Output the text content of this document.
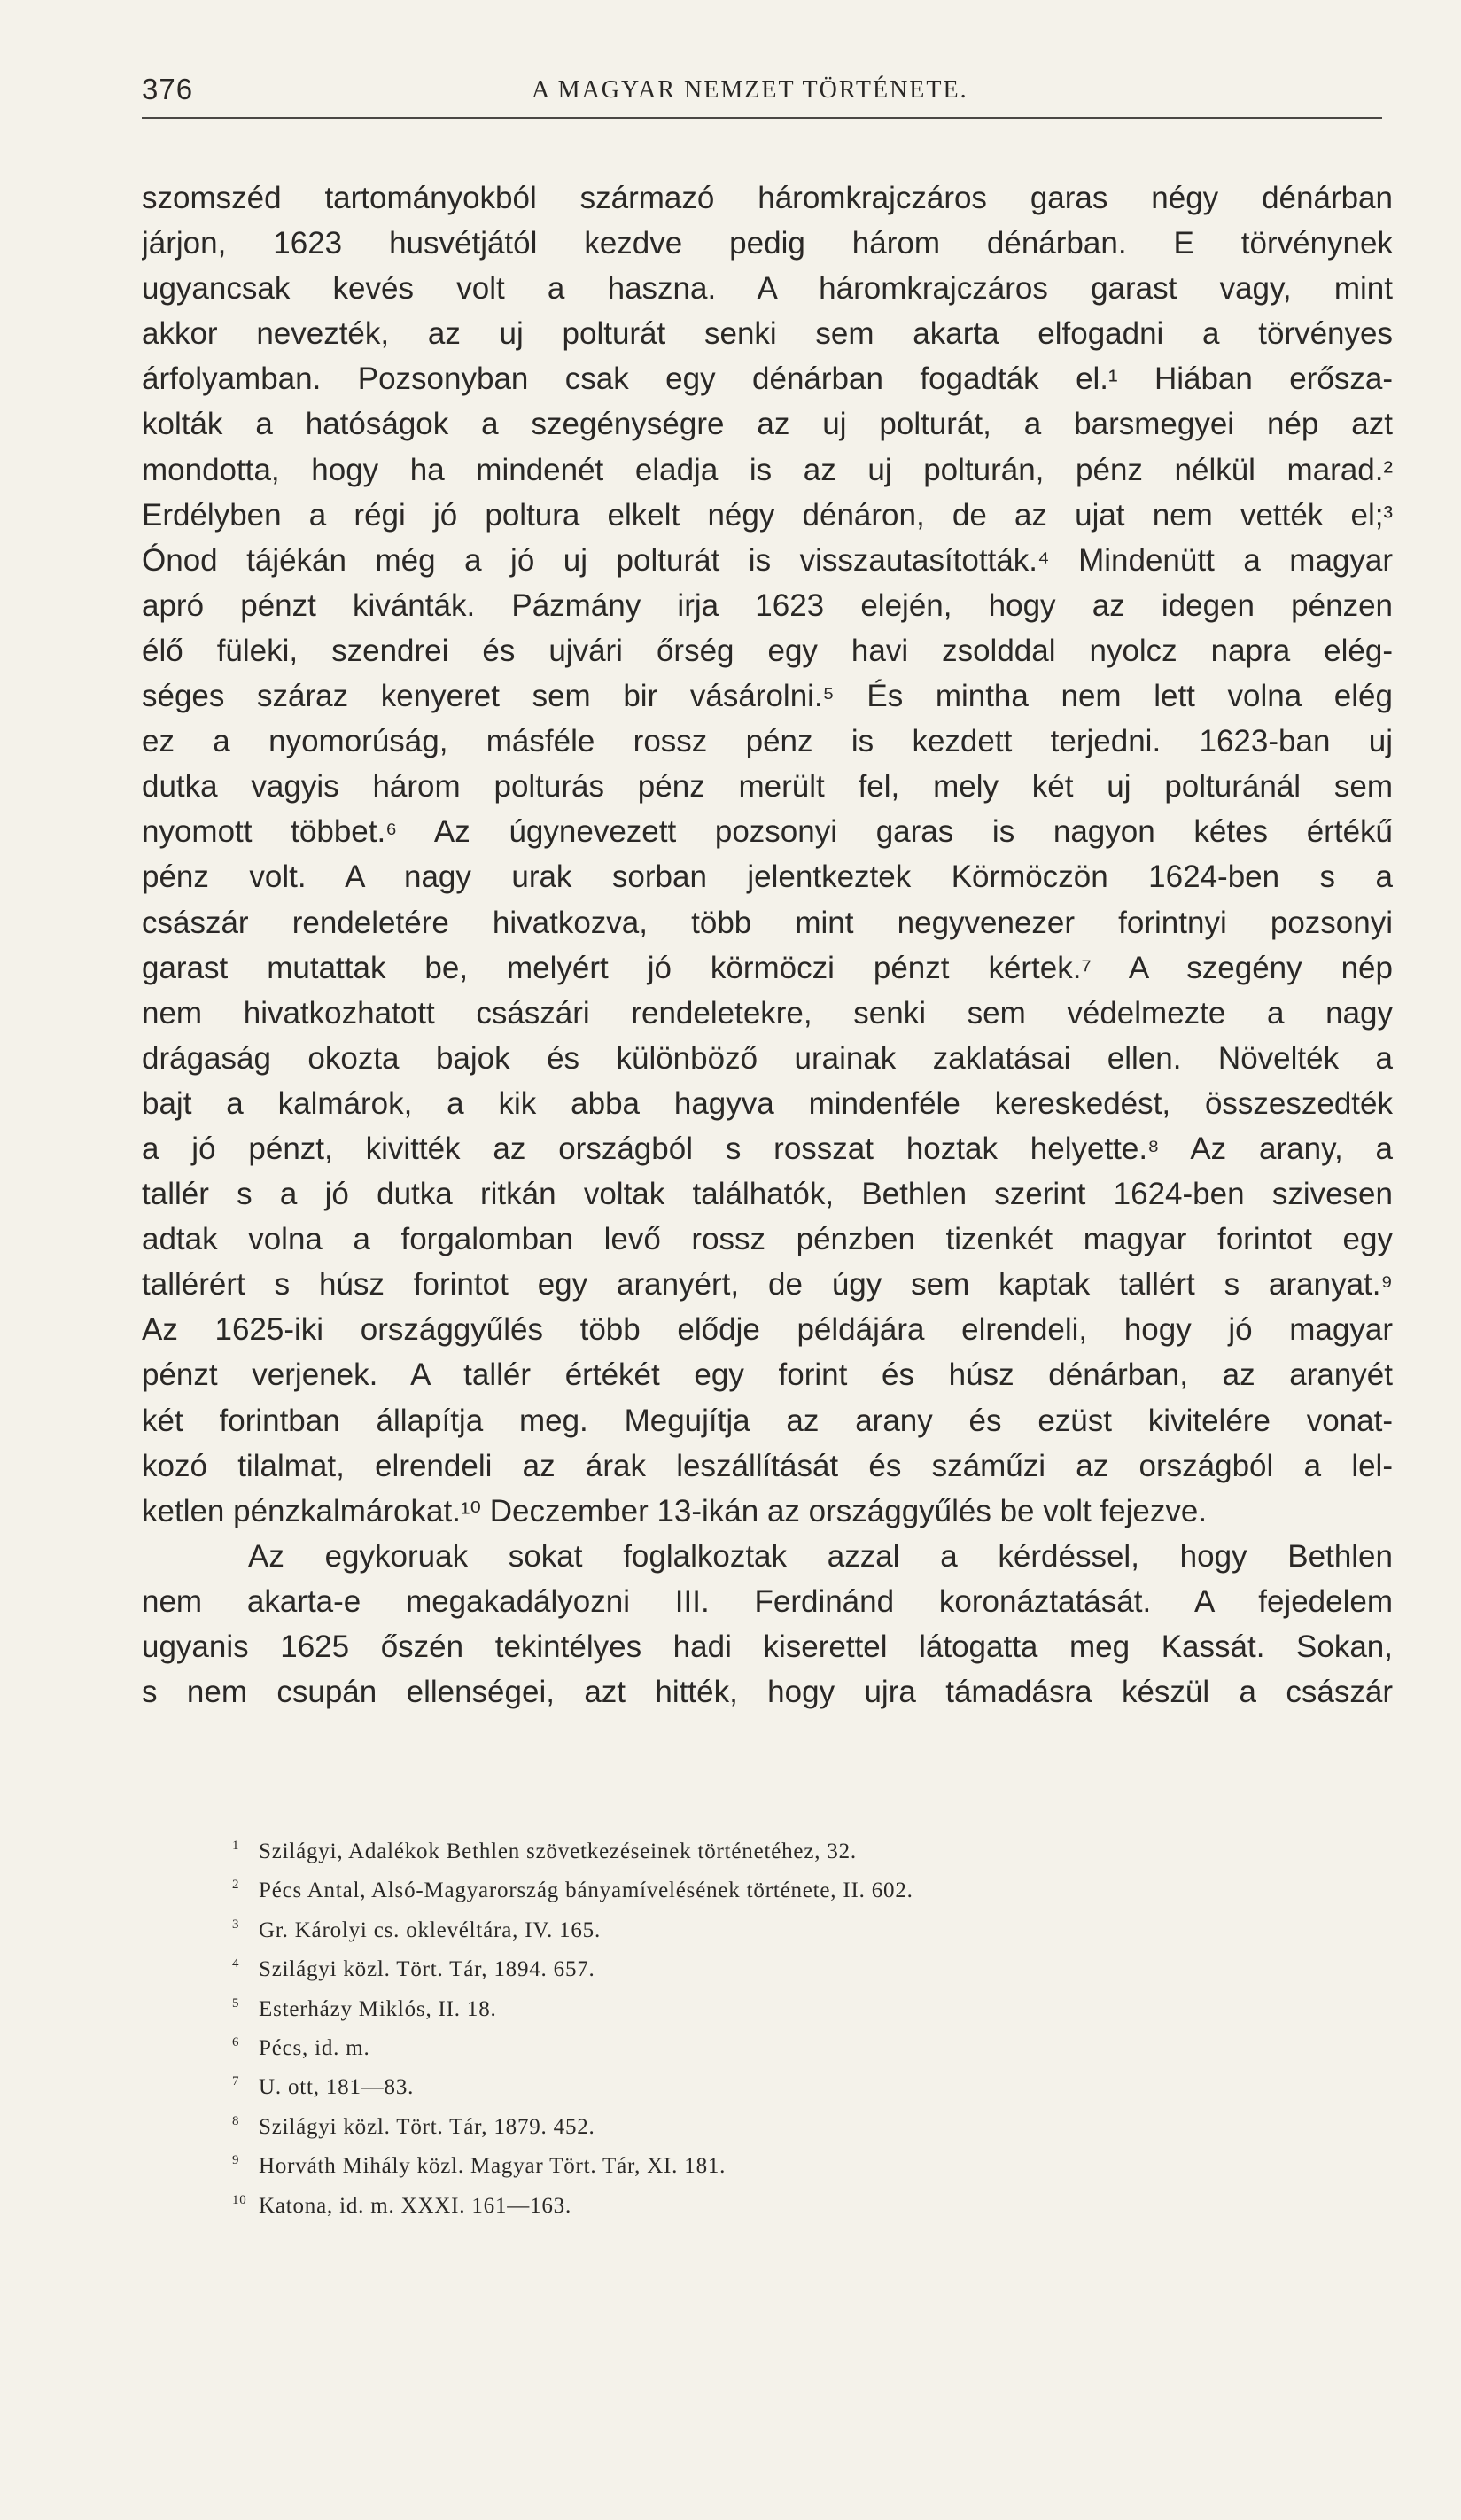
376	A MAGYAR NEMZET TÖRTÉNETE.
szomszéd tartományokból származó háromkrajczáros garas négy dénárban
járjon, 1623 husvétjától kezdve pedig három dénárban. E törvénynek
ugyancsak kevés volt a haszna. A háromkrajczáros garast vagy, mint
akkor nevezték, az uj polturát senki sem akarta elfogadni a törvényes
árfolyamban. Pozsonyban csak egy dénárban fogadták el.¹ Hiában erősza-
kolták a hatóságok a szegénységre az uj polturát, a barsmegyei nép azt
mondotta, hogy ha mindenét eladja is az uj polturán, pénz nélkül marad.²
Erdélyben a régi jó poltura elkelt négy dénáron, de az ujat nem vették el;³
Ónod tájékán még a jó uj polturát is visszautasították.⁴ Mindenütt a magyar
apró pénzt kivánták. Pázmány irja 1623 elején, hogy az idegen pénzen
élő füleki, szendrei és ujvári őrség egy havi zsolddal nyolcz napra elég-
séges száraz kenyeret sem bir vásárolni.⁵ És mintha nem lett volna elég
ez a nyomorúság, másféle rossz pénz is kezdett terjedni. 1623-ban uj
dutka vagyis három polturás pénz merült fel, mely két uj polturánál sem
nyomott többet.⁶ Az úgynevezett pozsonyi garas is nagyon kétes értékű
pénz volt. A nagy urak sorban jelentkeztek Körmöczön 1624-ben s a
császár rendeletére hivatkozva, több mint negyvenezer forintnyi pozsonyi
garast mutattak be, melyért jó körmöczi pénzt kértek.⁷ A szegény nép
nem hivatkozhatott császári rendeletekre, senki sem védelmezte a nagy
drágaság okozta bajok és különböző urainak zaklatásai ellen. Növelték a
bajt a kalmárok, a kik abba hagyva mindenféle kereskedést, összeszedték
a jó pénzt, kivitték az országból s rosszat hoztak helyette.⁸ Az arany, a
tallér s a jó dutka ritkán voltak találhatók, Bethlen szerint 1624-ben szivesen
adtak volna a forgalomban levő rossz pénzben tizenkét magyar forintot egy
tallérért s húsz forintot egy aranyért, de úgy sem kaptak tallért s aranyat.⁹
Az 1625-iki országgyűlés több elődje példájára elrendeli, hogy jó magyar
pénzt verjenek. A tallér értékét egy forint és húsz dénárban, az aranyét
két forintban állapítja meg. Megujítja az arany és ezüst kivitelére vonat-
kozó tilalmat, elrendeli az árak leszállítását és száműzi az országból a lel-
ketlen pénzkalmárokat.¹⁰ Deczember 13-ikán az országgyűlés be volt fejezve.
Az egykoruak sokat foglalkoztak azzal a kérdéssel, hogy Bethlen
nem akarta-e megakadályozni III. Ferdinánd koronáztatását. A fejedelem
ugyanis 1625 őszén tekintélyes hadi kiserettel látogatta meg Kassát. Sokan,
s nem csupán ellenségei, azt hitték, hogy ujra támadásra készül a császár
1 Szilágyi, Adalékok Bethlen szövetkezéseinek történetéhez, 32.
2 Pécs Antal, Alsó-Magyarország bányamívelésének története, II. 602.
3 Gr. Károlyi cs. oklevéltára, IV. 165.
4 Szilágyi közl. Tört. Tár, 1894. 657.
5 Esterházy Miklós, II. 18.
6 Pécs, id. m.
7 U. ott, 181—83.
8 Szilágyi közl. Tört. Tár, 1879. 452.
9 Horváth Mihály közl. Magyar Tört. Tár, XI. 181.
10 Katona, id. m. XXXI. 161—163.
